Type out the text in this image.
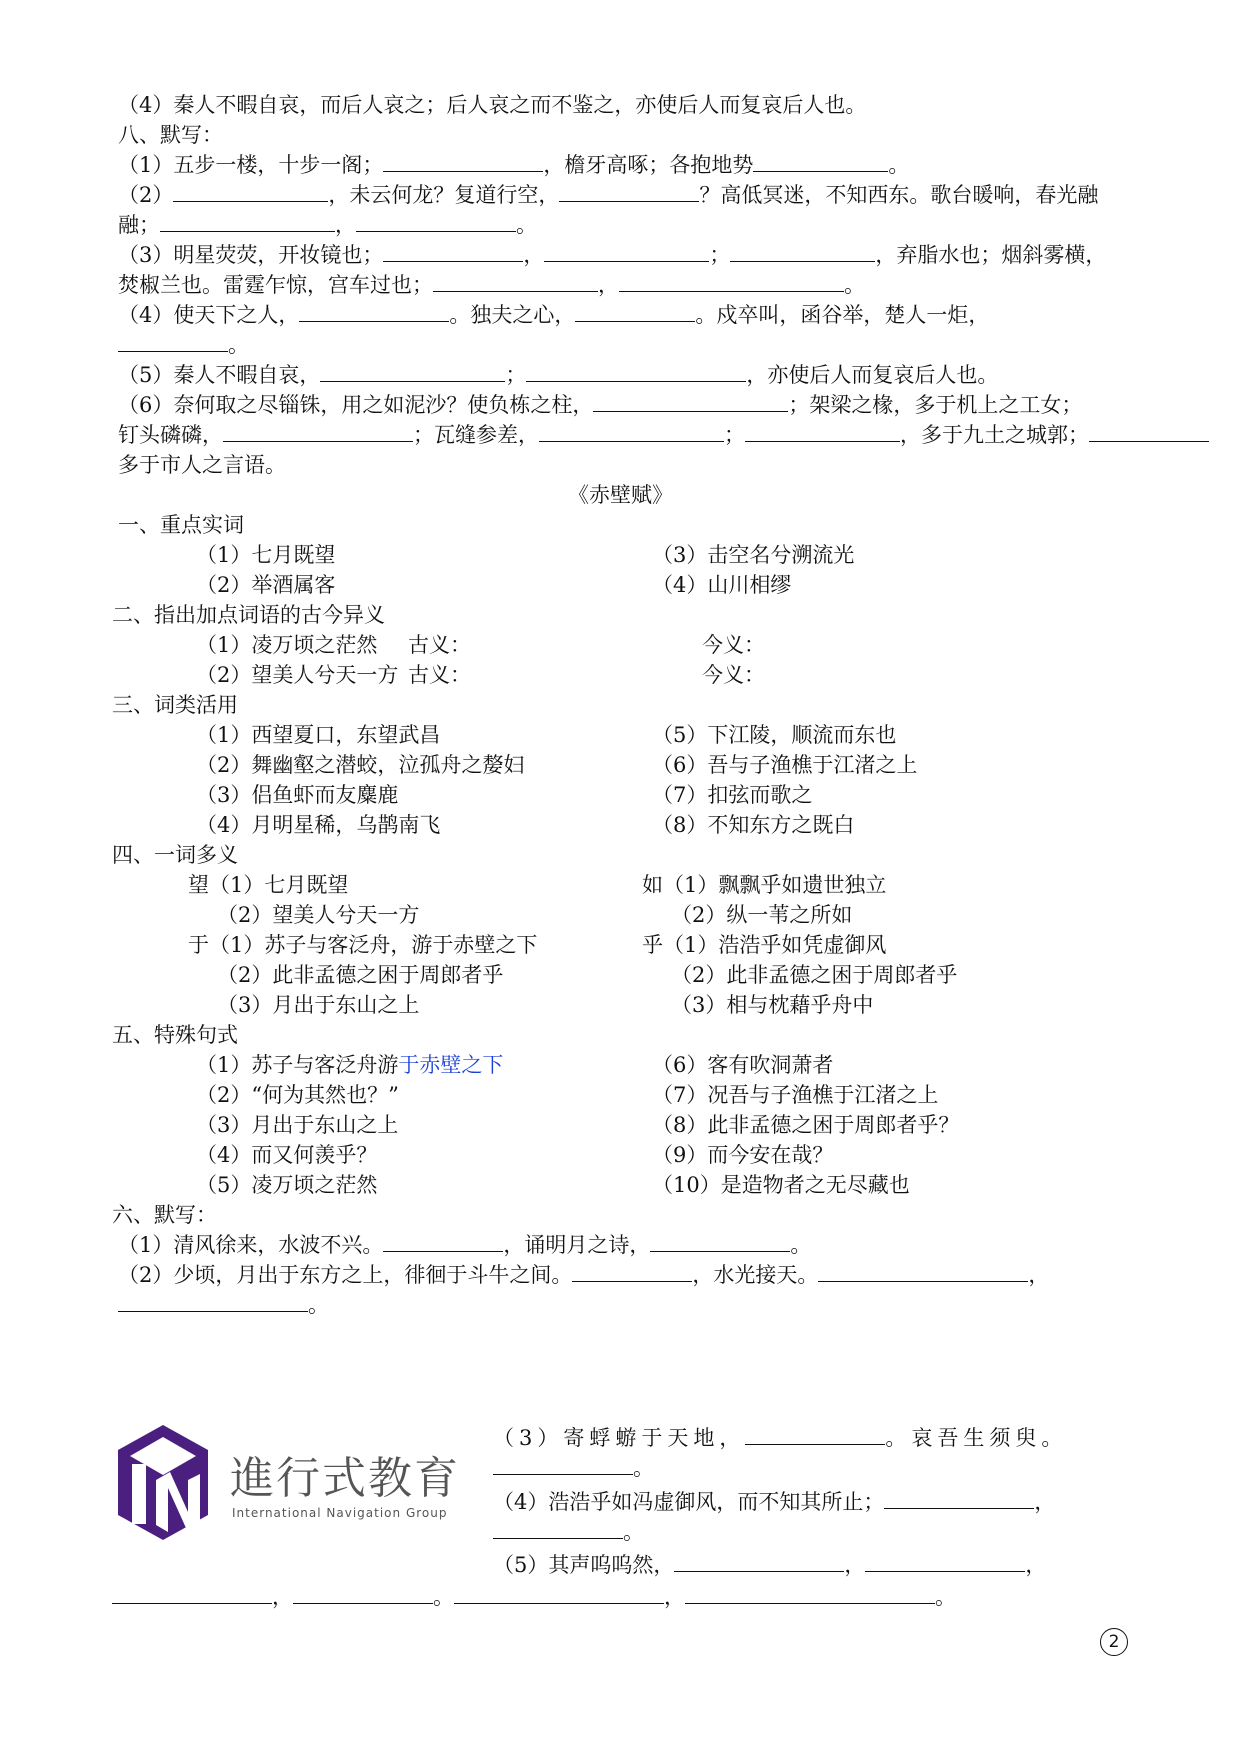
（4）秦人不暇自哀，而后人哀之；后人哀之而不鉴之，亦使后人而复哀后人也。
八、默写：
（1）五步一楼，十步一阁；	，檐牙高啄；各抱地势	。
（2）	，未云何龙？复道行空，	？高低冥迷，不知西东。歌台暖响，春光融
融；	，	。
（3）明星荧荧，开妆镜也；	，	；	，弃脂水也；烟斜雾横，
焚椒兰也。雷霆乍惊，宫车过也；	，	。
（4）使天下之人，	。独夫之心，	。戍卒叫，函谷举，楚人一炬，
。
（5）秦人不暇自哀，	；	，亦使后人而复哀后人也。
（6）奈何取之尽锱铢，用之如泥沙？使负栋之柱，	；架梁之椽，多于机上之工女；
钉头磷磷，	；瓦缝参差，	；	，多于九土之城郭；
多于市人之言语。
《赤壁赋》
一、重点实词
（1）七月既望	（3）击空名兮溯流光
（2）举酒属客	（4）山川相缪
二、指出加点词语的古今异义
（1）凌万顷之茫然 古义：	今义：
（2）望美人兮天一方 古义：	今义：
三、词类活用
（1）西望夏口，东望武昌	（5）下江陵，顺流而东也
（2）舞幽壑之潜蛟，泣孤舟之嫠妇	（6）吾与子渔樵于江渚之上
（3）侣鱼虾而友麋鹿	（7）扣弦而歌之
（4）月明星稀，乌鹊南飞	（8）不知东方之既白
四、一词多义
望（1）七月既望	如（1）飘飘乎如遗世独立
（2）望美人兮天一方	（2）纵一苇之所如
于（1）苏子与客泛舟，游于赤壁之下	乎（1）浩浩乎如凭虚御风
（2）此非孟德之困于周郎者乎	（2）此非孟德之困于周郎者乎
（3）月出于东山之上	（3）相与枕藉乎舟中
五、特殊句式
（1）苏子与客泛舟游于赤壁之下	（6）客有吹洞萧者
（2）“何为其然也？”	（7）况吾与子渔樵于江渚之上
（3）月出于东山之上	（8）此非孟德之困于周郎者乎？
（4）而又何羡乎？	（9）而今安在哉？
（5）凌万顷之茫然	（10）是造物者之无尽藏也
六、默写：
（1）清风徐来，水波不兴。	，诵明月之诗，	。
（2）少顷，月出于东方之上，徘徊于斗牛之间。	，水光接天。	，
。
進行式教育
International Navigation Group
（3）寄蜉蝣于天地，	。哀吾生须臾。
。
（4）浩浩乎如冯虚御风，而不知其所止；	，
。
（5）其声呜呜然，	，	，
，	。	，	。
2
